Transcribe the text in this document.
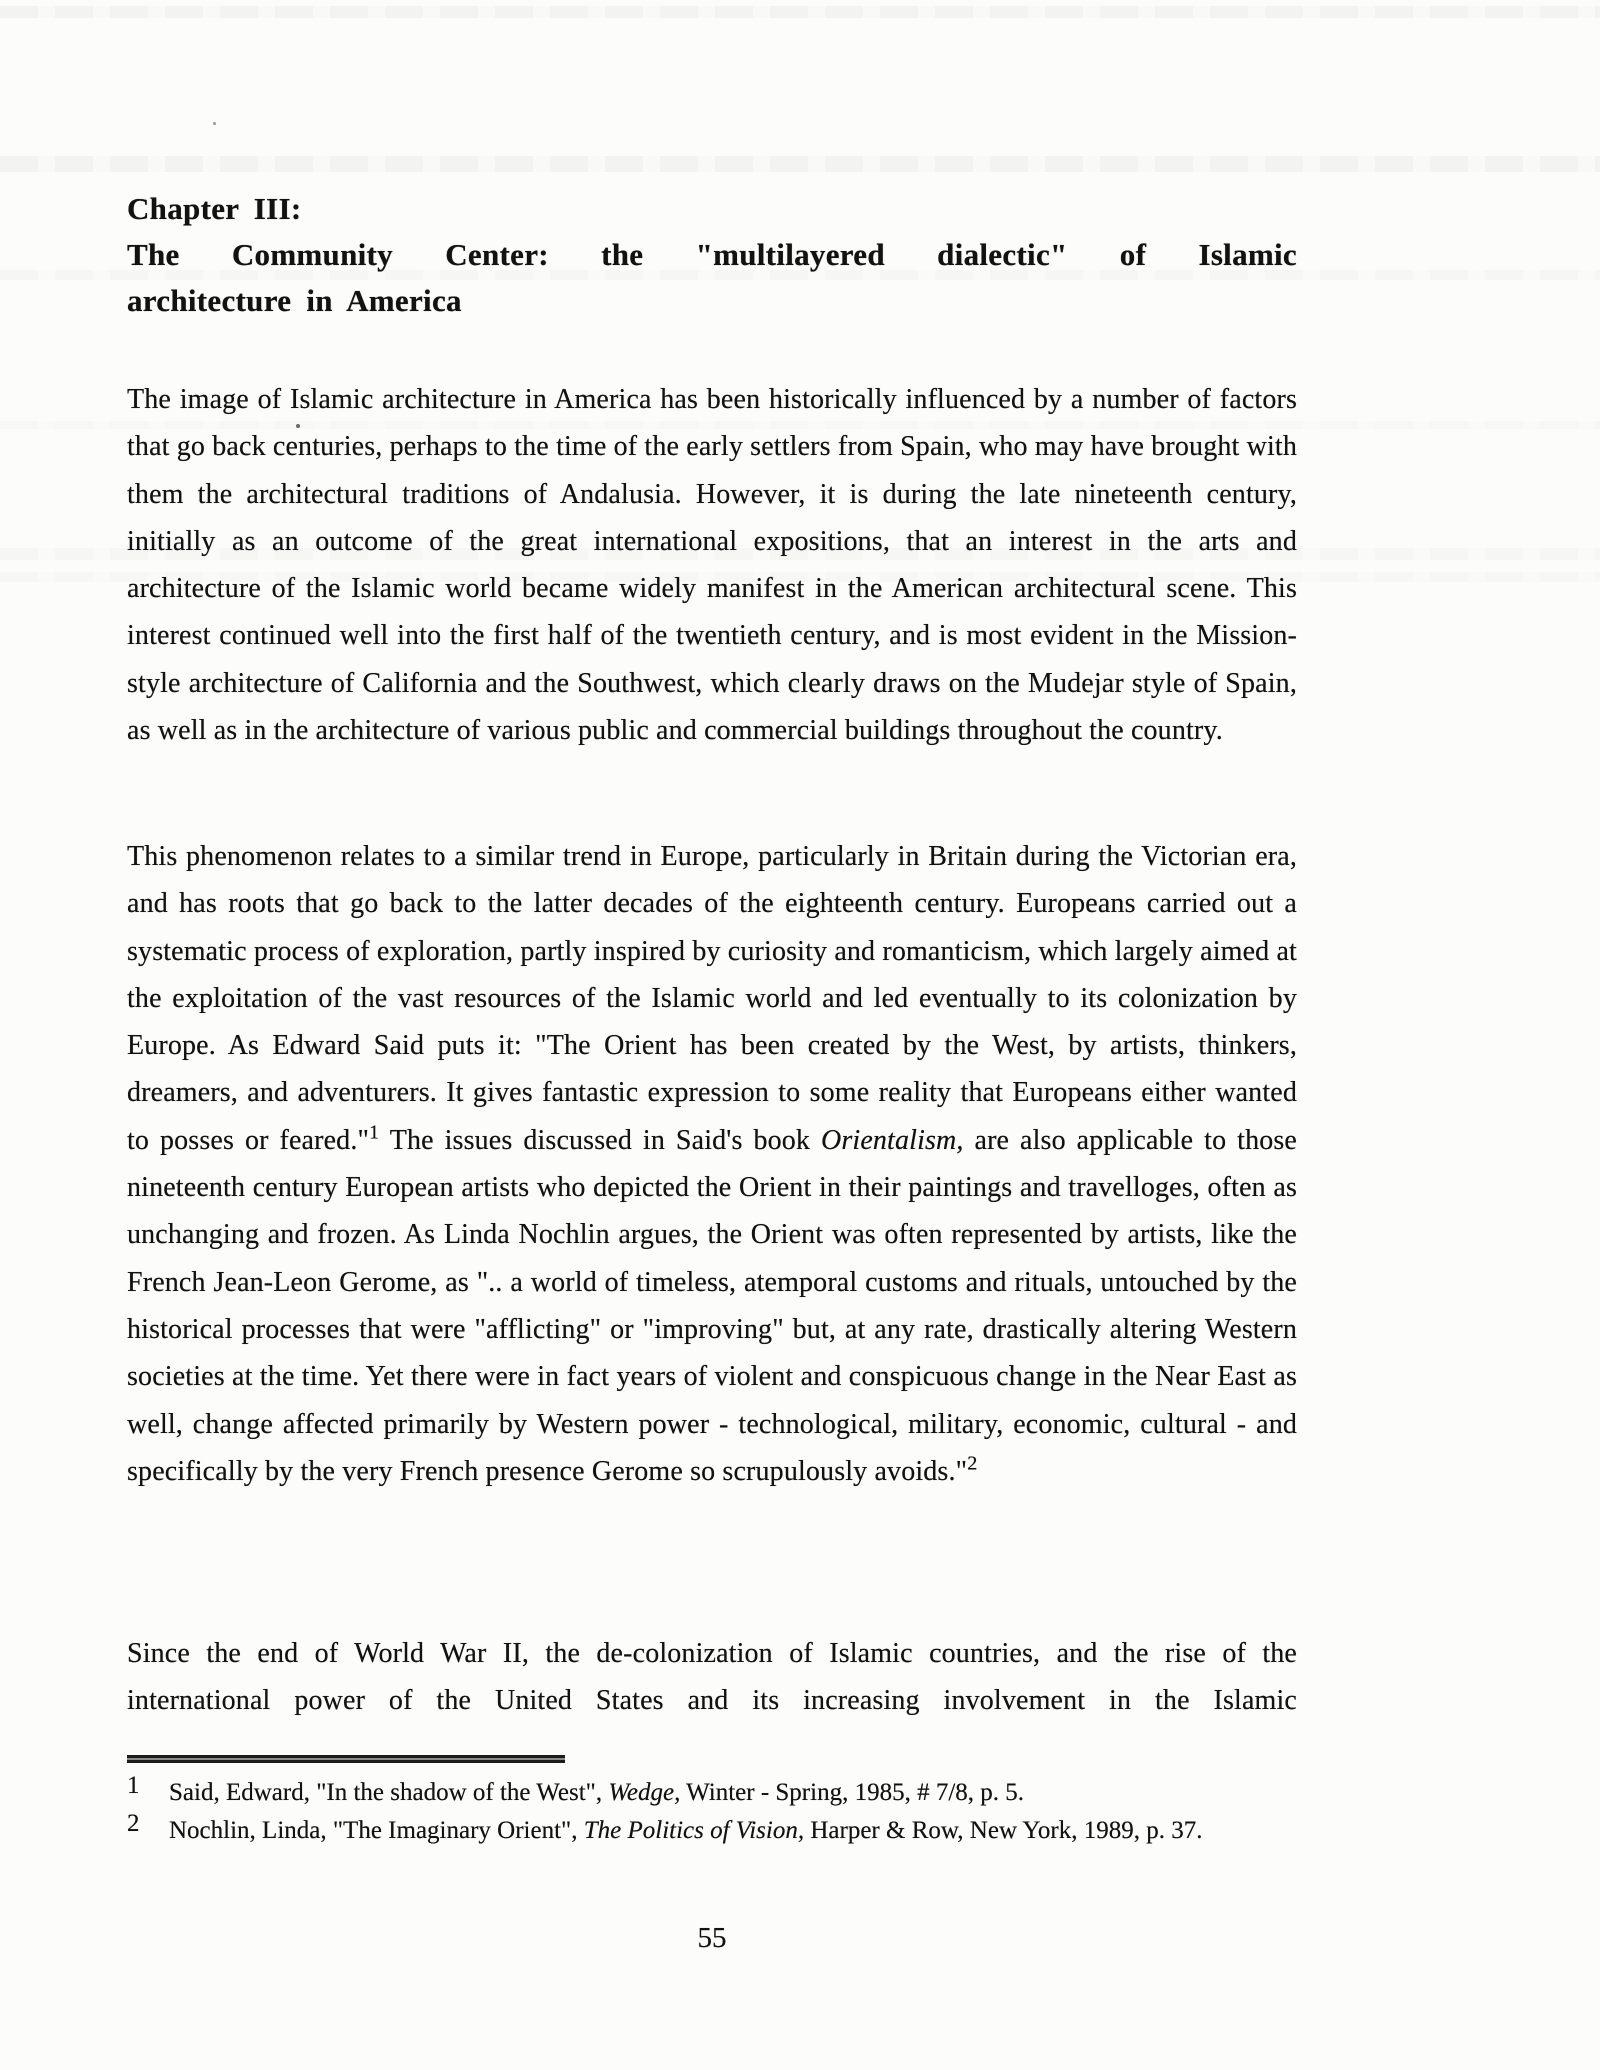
Chapter III:
The Community Center: the "multilayered dialectic" of Islamic
architecture in America
The image of Islamic architecture in America has been historically influenced by a number of factors that go back centuries, perhaps to the time of the early settlers from Spain, who may have brought with them the architectural traditions of Andalusia. However, it is during the late nineteenth century, initially as an outcome of the great international expositions, that an interest in the arts and architecture of the Islamic world became widely manifest in the American architectural scene. This interest continued well into the first half of the twentieth century, and is most evident in the Mission-style architecture of California and the Southwest, which clearly draws on the Mudejar style of Spain, as well as in the architecture of various public and commercial buildings throughout the country.
This phenomenon relates to a similar trend in Europe, particularly in Britain during the Victorian era, and has roots that go back to the latter decades of the eighteenth century. Europeans carried out a systematic process of exploration, partly inspired by curiosity and romanticism, which largely aimed at the exploitation of the vast resources of the Islamic world and led eventually to its colonization by Europe. As Edward Said puts it: "The Orient has been created by the West, by artists, thinkers, dreamers, and adventurers. It gives fantastic expression to some reality that Europeans either wanted to posses or feared."$^1$ The issues discussed in Said's book Orientalism, are also applicable to those nineteenth century European artists who depicted the Orient in their paintings and travelloges, often as unchanging and frozen. As Linda Nochlin argues, the Orient was often represented by artists, like the French Jean-Leon Gerome, as ".. a world of timeless, atemporal customs and rituals, untouched by the historical processes that were "afflicting" or "improving" but, at any rate, drastically altering Western societies at the time. Yet there were in fact years of violent and conspicuous change in the Near East as well, change affected primarily by Western power - technological, military, economic, cultural - and specifically by the very French presence Gerome so scrupulously avoids."$^2$
Since the end of World War II, the de-colonization of Islamic countries, and the rise of the international power of the United States and its increasing involvement in the Islamic
1	Said, Edward, "In the shadow of the West", Wedge, Winter - Spring, 1985, # 7/8, p. 5.
2	Nochlin, Linda, "The Imaginary Orient", The Politics of Vision, Harper & Row, New York, 1989, p. 37.
55
